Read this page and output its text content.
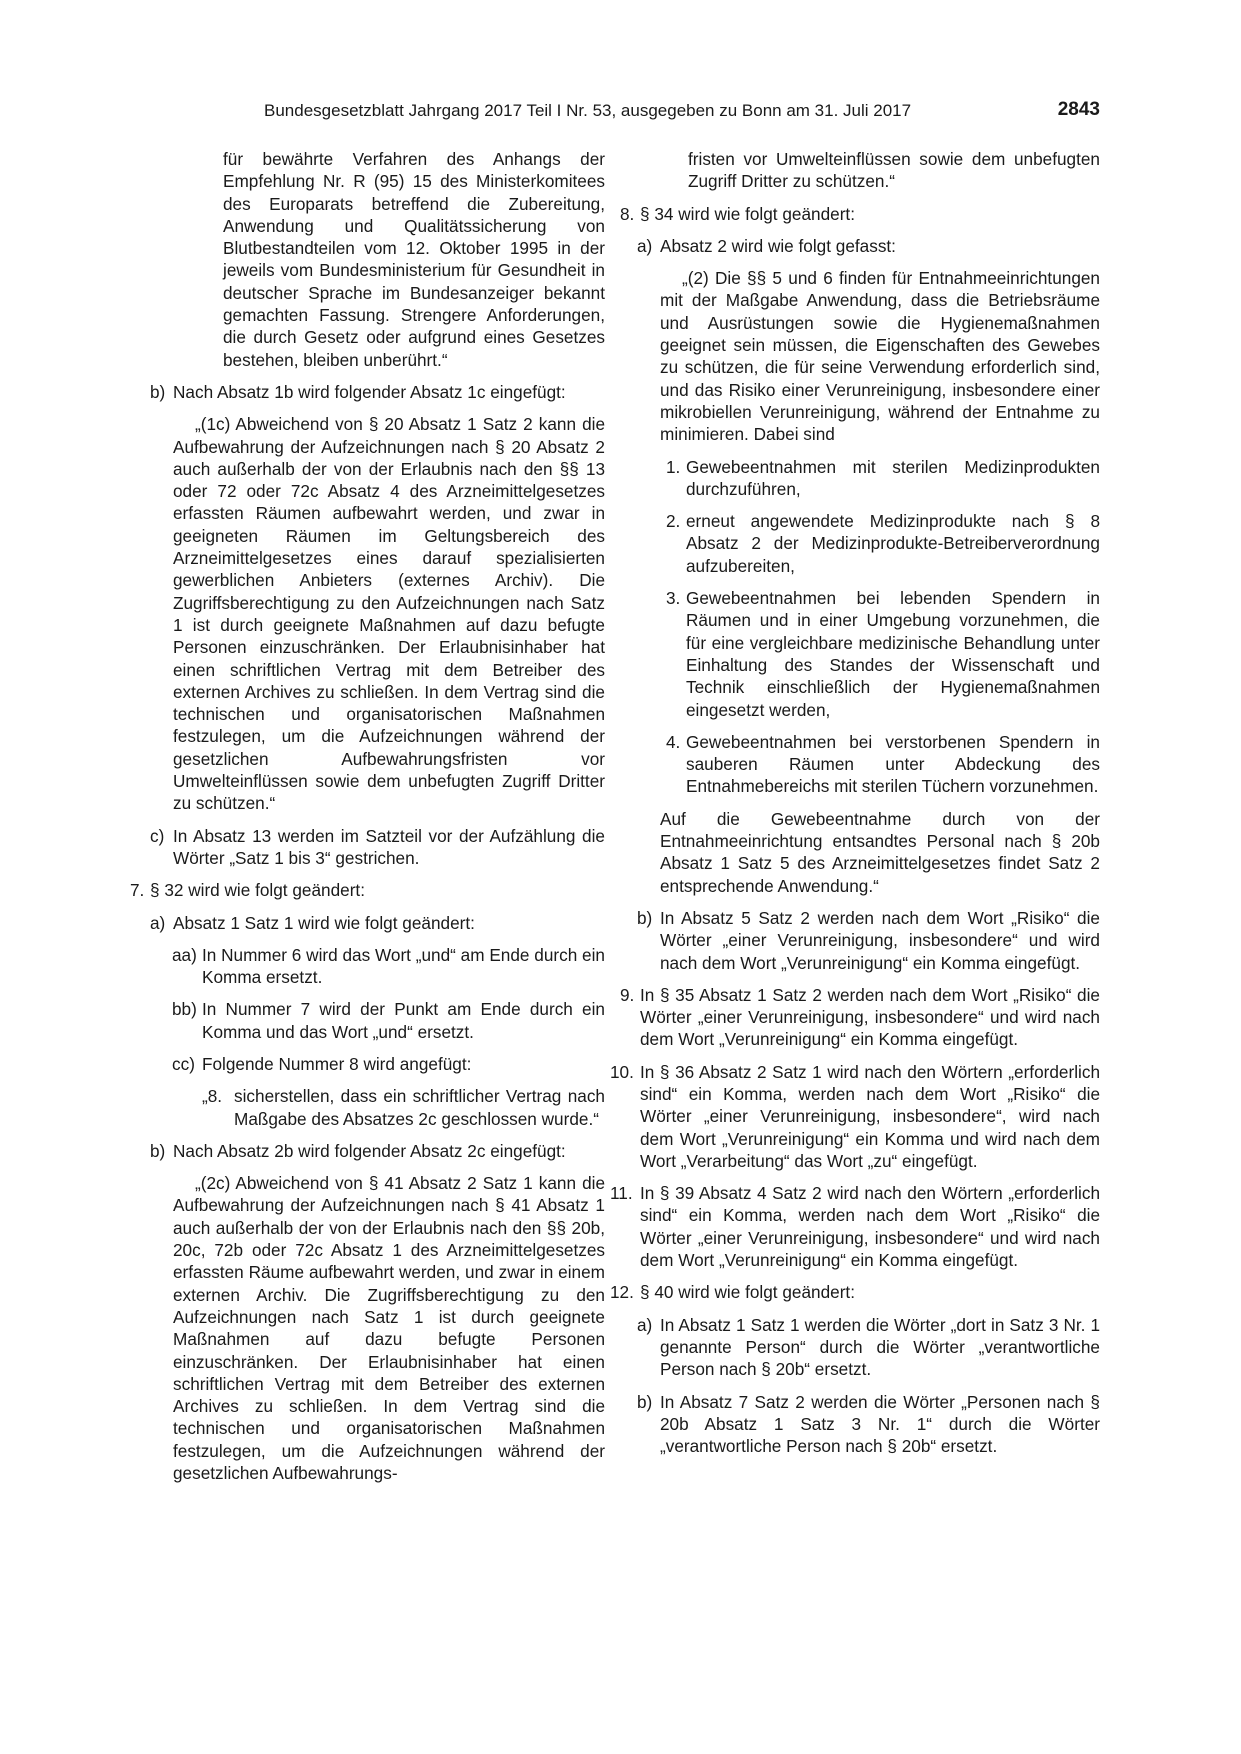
Bundesgesetzblatt Jahrgang 2017 Teil I Nr. 53, ausgegeben zu Bonn am 31. Juli 2017	2843

für bewährte Verfahren des Anhangs der Empfehlung Nr. R (95) 15 des Ministerkomitees des Europarats betreffend die Zubereitung, Anwendung und Qualitätssicherung von Blutbestandteilen vom 12. Oktober 1995 in der jeweils vom Bundesministerium für Gesundheit in deutscher Sprache im Bundesanzeiger bekannt gemachten Fassung. Strengere Anforderungen, die durch Gesetz oder aufgrund eines Gesetzes bestehen, bleiben unberührt.“

b) Nach Absatz 1b wird folgender Absatz 1c eingefügt:

„(1c) Abweichend von § 20 Absatz 1 Satz 2 kann die Aufbewahrung der Aufzeichnungen nach § 20 Absatz 2 auch außerhalb der von der Erlaubnis nach den §§ 13 oder 72 oder 72c Absatz 4 des Arzneimittelgesetzes erfassten Räumen aufbewahrt werden, und zwar in geeigneten Räumen im Geltungsbereich des Arzneimittelgesetzes eines darauf spezialisierten gewerblichen Anbieters (externes Archiv). Die Zugriffsberechtigung zu den Aufzeichnungen nach Satz 1 ist durch geeignete Maßnahmen auf dazu befugte Personen einzuschränken. Der Erlaubnisinhaber hat einen schriftlichen Vertrag mit dem Betreiber des externen Archives zu schließen. In dem Vertrag sind die technischen und organisatorischen Maßnahmen festzulegen, um die Aufzeichnungen während der gesetzlichen Aufbewahrungsfristen vor Umwelteinflüssen sowie dem unbefugten Zugriff Dritter zu schützen.“

c) In Absatz 13 werden im Satzteil vor der Aufzählung die Wörter „Satz 1 bis 3“ gestrichen.
7. § 32 wird wie folgt geändert:
a) Absatz 1 Satz 1 wird wie folgt geändert:
aa) In Nummer 6 wird das Wort „und“ am Ende durch ein Komma ersetzt.
bb) In Nummer 7 wird der Punkt am Ende durch ein Komma und das Wort „und“ ersetzt.
cc) Folgende Nummer 8 wird angefügt:
„8. sicherstellen, dass ein schriftlicher Vertrag nach Maßgabe des Absatzes 2c geschlossen wurde.“
b) Nach Absatz 2b wird folgender Absatz 2c eingefügt:

„(2c) Abweichend von § 41 Absatz 2 Satz 1 kann die Aufbewahrung der Aufzeichnungen nach § 41 Absatz 1 auch außerhalb der von der Erlaubnis nach den §§ 20b, 20c, 72b oder 72c Absatz 1 des Arzneimittelgesetzes erfassten Räume aufbewahrt werden, und zwar in einem externen Archiv. Die Zugriffsberechtigung zu den Aufzeichnungen nach Satz 1 ist durch geeignete Maßnahmen auf dazu befugte Personen einzuschränken. Der Erlaubnisinhaber hat einen schriftlichen Vertrag mit dem Betreiber des externen Archives zu schließen. In dem Vertrag sind die technischen und organisatorischen Maßnahmen festzulegen, um die Aufzeichnungen während der gesetzlichen Aufbewahrungs-

fristen vor Umwelteinflüssen sowie dem unbefugten Zugriff Dritter zu schützen.“

8. § 34 wird wie folgt geändert:
a) Absatz 2 wird wie folgt gefasst:

„(2) Die §§ 5 und 6 finden für Entnahmeeinrichtungen mit der Maßgabe Anwendung, dass die Betriebsräume und Ausrüstungen sowie die Hygienemaßnahmen geeignet sein müssen, die Eigenschaften des Gewebes zu schützen, die für seine Verwendung erforderlich sind, und das Risiko einer Verunreinigung, insbesondere einer mikrobiellen Verunreinigung, während der Entnahme zu minimieren. Dabei sind

1. Gewebeentnahmen mit sterilen Medizinprodukten durchzuführen,
2. erneut angewendete Medizinprodukte nach § 8 Absatz 2 der Medizinprodukte-Betreiberverordnung aufzubereiten,
3. Gewebeentnahmen bei lebenden Spendern in Räumen und in einer Umgebung vorzunehmen, die für eine vergleichbare medizinische Behandlung unter Einhaltung des Standes der Wissenschaft und Technik einschließlich der Hygienemaßnahmen eingesetzt werden,
4. Gewebeentnahmen bei verstorbenen Spendern in sauberen Räumen unter Abdeckung des Entnahmebereichs mit sterilen Tüchern vorzunehmen.

Auf die Gewebeentnahme durch von der Entnahmeeinrichtung entsandtes Personal nach § 20b Absatz 1 Satz 5 des Arzneimittelgesetzes findet Satz 2 entsprechende Anwendung.“

b) In Absatz 5 Satz 2 werden nach dem Wort „Risiko“ die Wörter „einer Verunreinigung, insbesondere“ und wird nach dem Wort „Verunreinigung“ ein Komma eingefügt.
9. In § 35 Absatz 1 Satz 2 werden nach dem Wort „Risiko“ die Wörter „einer Verunreinigung, insbesondere“ und wird nach dem Wort „Verunreinigung“ ein Komma eingefügt.
10. In § 36 Absatz 2 Satz 1 wird nach den Wörtern „erforderlich sind“ ein Komma, werden nach dem Wort „Risiko“ die Wörter „einer Verunreinigung, insbesondere“, wird nach dem Wort „Verunreinigung“ ein Komma und wird nach dem Wort „Verarbeitung“ das Wort „zu“ eingefügt.
11. In § 39 Absatz 4 Satz 2 wird nach den Wörtern „erforderlich sind“ ein Komma, werden nach dem Wort „Risiko“ die Wörter „einer Verunreinigung, insbesondere“ und wird nach dem Wort „Verunreinigung“ ein Komma eingefügt.
12. § 40 wird wie folgt geändert:
a) In Absatz 1 Satz 1 werden die Wörter „dort in Satz 3 Nr. 1 genannte Person“ durch die Wörter „verantwortliche Person nach § 20b“ ersetzt.
b) In Absatz 7 Satz 2 werden die Wörter „Personen nach § 20b Absatz 1 Satz 3 Nr. 1“ durch die Wörter „verantwortliche Person nach § 20b“ ersetzt.
